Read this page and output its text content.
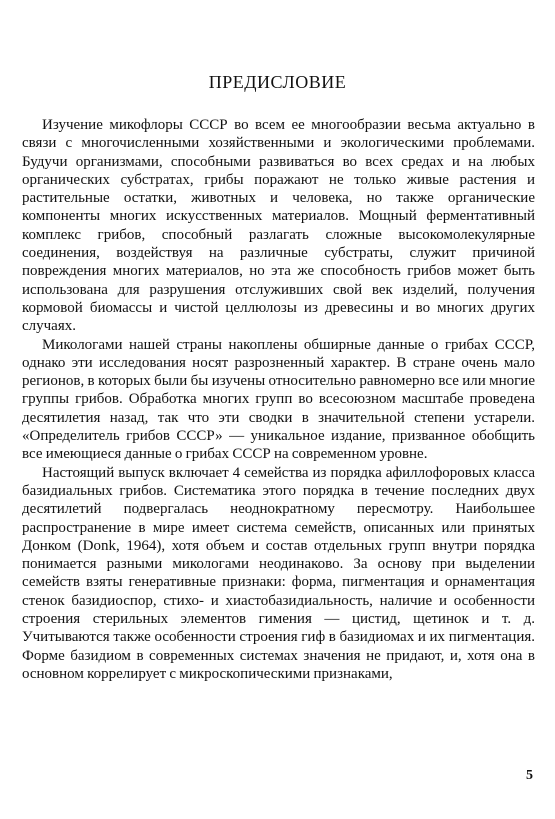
ПРЕДИСЛОВИЕ

Изучение микофлоры СССР во всем ее многообразии весьма актуально в связи с многочисленными хозяйственными и экологическими проблемами. Будучи организмами, способными развиваться во всех средах и на любых органических субстратах, грибы поражают не только живые растения и растительные остатки, животных и человека, но также органические компоненты многих искусственных материалов. Мощный ферментативный комплекс грибов, способный разлагать сложные высокомолекулярные соединения, воздействуя на различные субстраты, служит причиной повреждения многих материалов, но эта же способность грибов может быть использована для разрушения отслуживших свой век изделий, получения кормовой биомассы и чистой целлюлозы из древесины и во многих других случаях.

Микологами нашей страны накоплены обширные данные о грибах СССР, однако эти исследования носят разрозненный характер. В стране очень мало регионов, в которых были бы изучены относительно равномерно все или многие группы грибов. Обработка многих групп во всесоюзном масштабе проведена десятилетия назад, так что эти сводки в значительной степени устарели. «Определитель грибов СССР» — уникальное издание, призванное обобщить все имеющиеся данные о грибах СССР на современном уровне.

Настоящий выпуск включает 4 семейства из порядка афиллофоровых класса базидиальных грибов. Систематика этого порядка в течение последних двух десятилетий подвергалась неоднократному пересмотру. Наибольшее распространение в мире имеет система семейств, описанных или принятых Донком (Donk, 1964), хотя объем и состав отдельных групп внутри порядка понимается разными микологами неодинаково. За основу при выделении семейств взяты генеративные признаки: форма, пигментация и орнаментация стенок базидиоспор, стихо- и хиастобазидиальность, наличие и особенности строения стерильных элементов гимения — цистид, щетинок и т. д. Учитываются также особенности строения гиф в базидиомах и их пигментация. Форме базидиом в современных системах значения не придают, и, хотя она в основном коррелирует с микроскопическими признаками,

5
